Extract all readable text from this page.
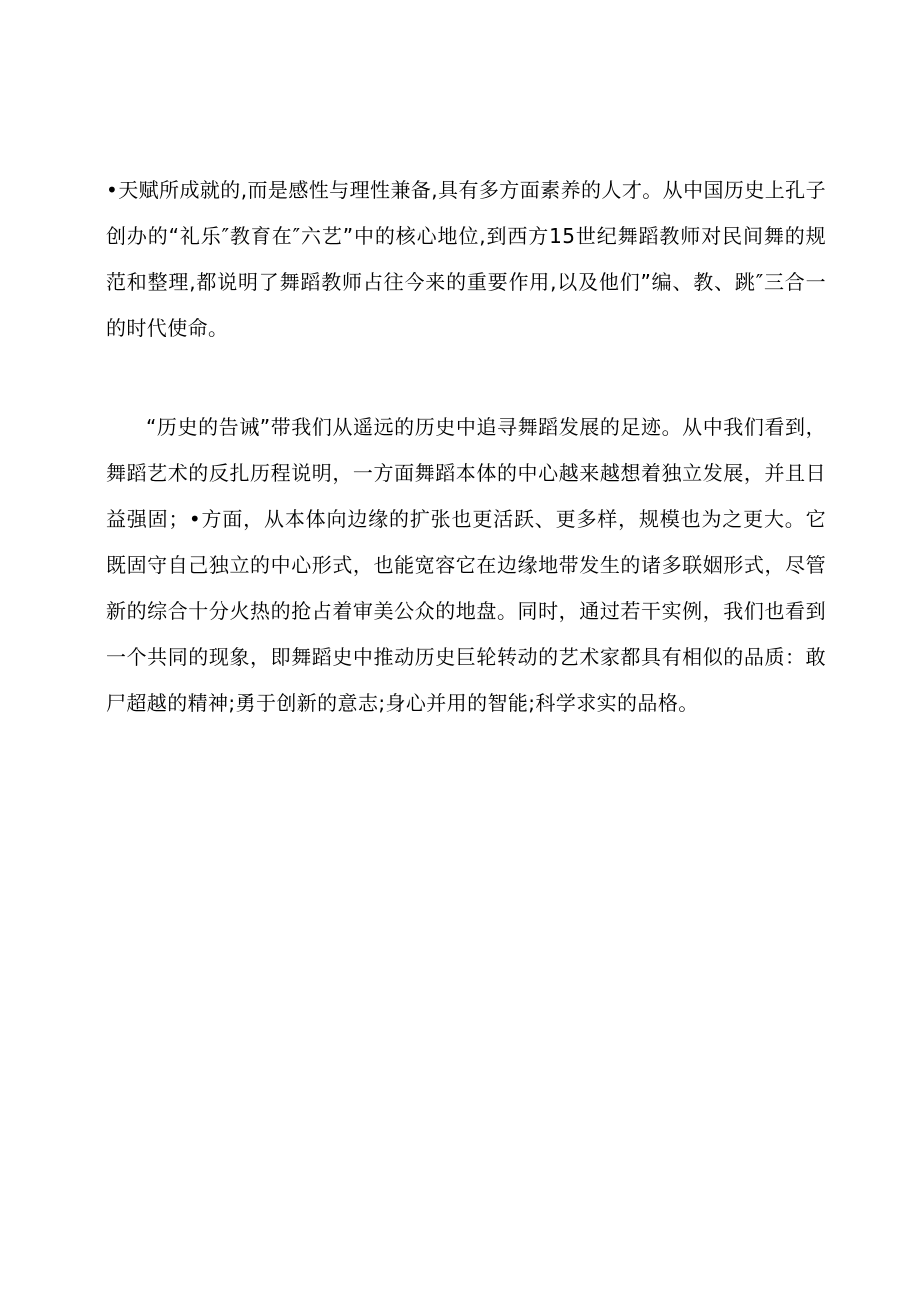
•天赋所成就的,而是感性与理性兼备,具有多方面素养的人才。从中国历史上孔子创办的“礼乐″教育在″六艺”中的核心地位,到西方15世纪舞蹈教师对民间舞的规范和整理,都说明了舞蹈教师占往今来的重要作用,以及他们”编、教、跳″三合一的时代使命。

“历史的告诫”带我们从遥远的历史中追寻舞蹈发展的足迹。从中我们看到，舞蹈艺术的反扎历程说明，一方面舞蹈本体的中心越来越想着独立发展，并且日益强固；•方面，从本体向边缘的扩张也更活跃、更多样，规模也为之更大。它既固守自己独立的中心形式，也能宽容它在边缘地带发生的诸多联姻形式，尽管新的综合十分火热的抢占着审美公众的地盘。同时，通过若干实例，我们也看到一个共同的现象，即舞蹈史中推动历史巨轮转动的艺术家都具有相似的品质：敢尸超越的精神;勇于创新的意志;身心并用的智能;科学求实的品格。
